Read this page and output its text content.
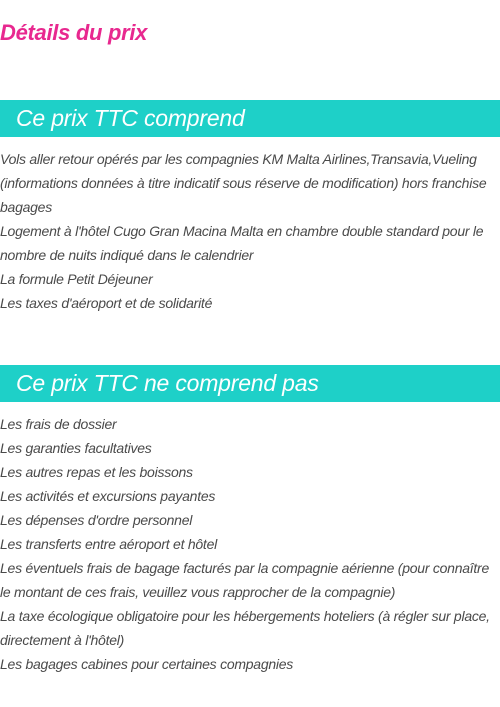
Détails du prix
Ce prix TTC comprend
Vols aller retour opérés par les compagnies KM Malta Airlines,Transavia,Vueling (informations données à titre indicatif sous réserve de modification) hors franchise bagages
Logement à l'hôtel Cugo Gran Macina Malta en chambre double standard pour le nombre de nuits indiqué dans le calendrier
La formule Petit Déjeuner
Les taxes d'aéroport et de solidarité
Ce prix TTC ne comprend pas
Les frais de dossier
Les garanties facultatives
Les autres repas et les boissons
Les activités et excursions payantes
Les dépenses d'ordre personnel
Les transferts entre aéroport et hôtel
Les éventuels frais de bagage facturés par la compagnie aérienne (pour connaître le montant de ces frais, veuillez vous rapprocher de la compagnie)
La taxe écologique obligatoire pour les hébergements hoteliers (à régler sur place, directement à l'hôtel)
Les bagages cabines pour certaines compagnies
